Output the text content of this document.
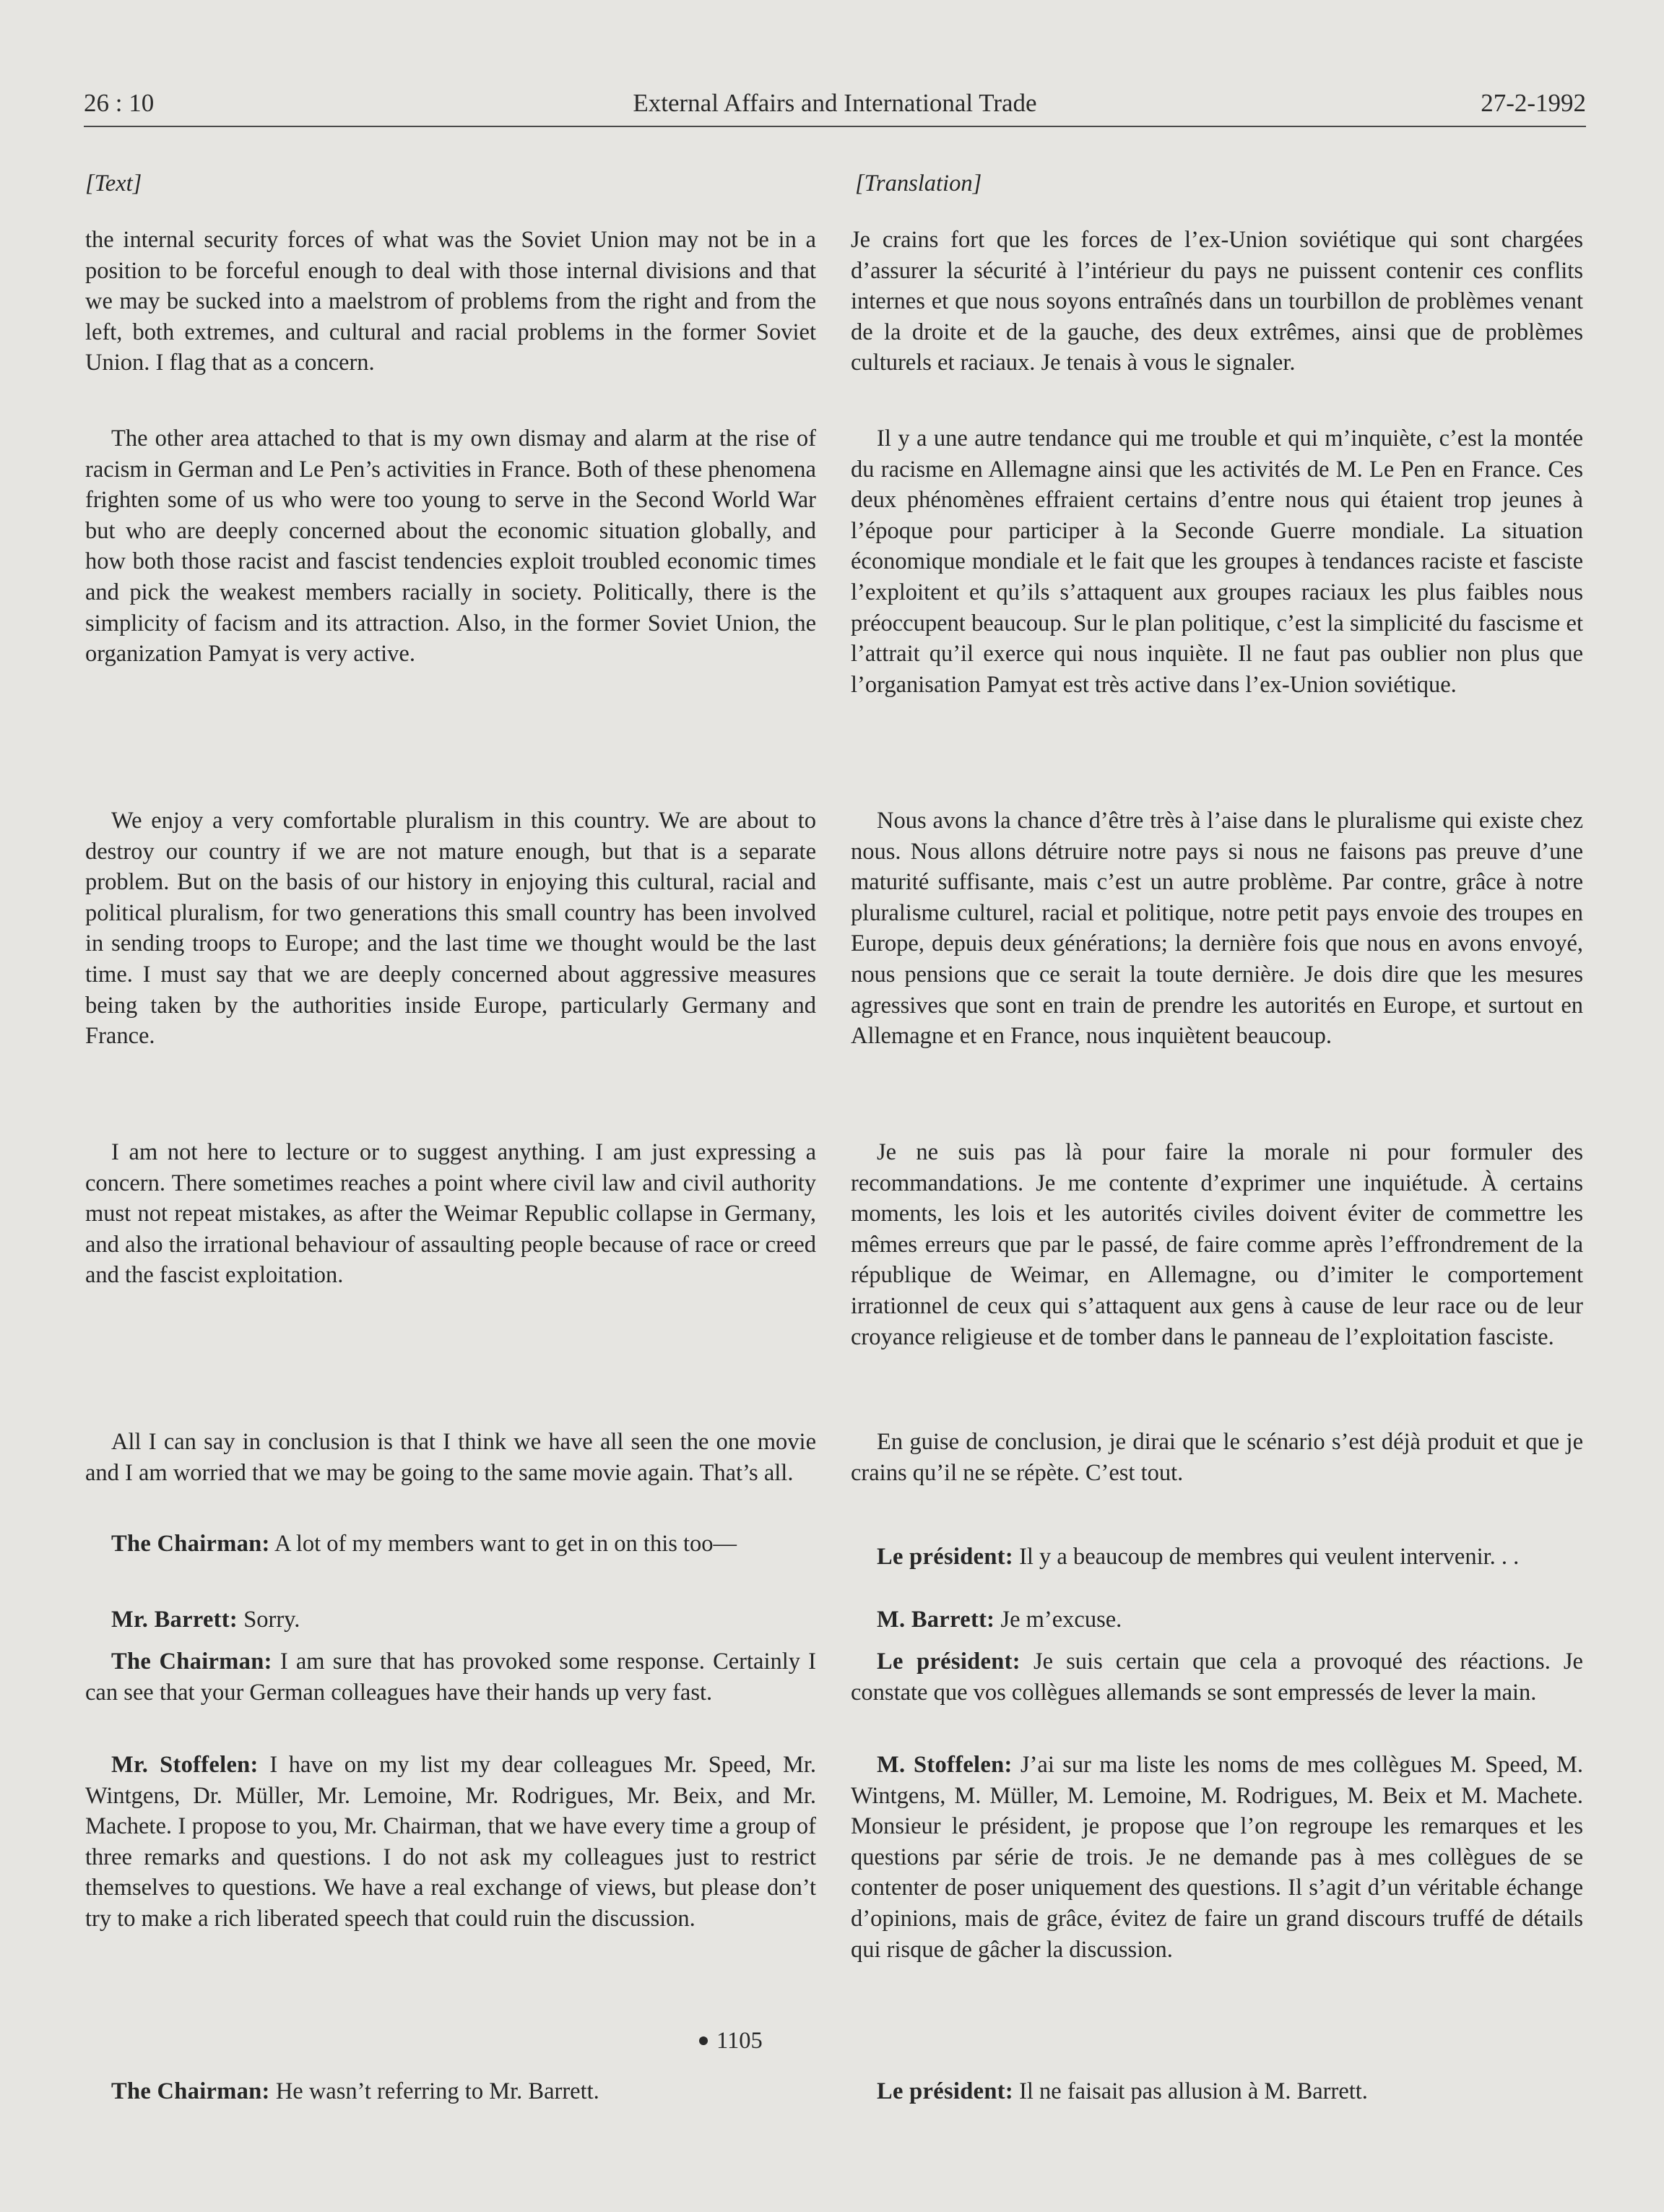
26 : 10	External Affairs and International Trade	27-2-1992
[Text]

the internal security forces of what was the Soviet Union may not be in a position to be forceful enough to deal with those internal divisions and that we may be sucked into a maelstrom of problems from the right and from the left, both extremes, and cultural and racial problems in the former Soviet Union. I flag that as a concern.

The other area attached to that is my own dismay and alarm at the rise of racism in German and Le Pen’s activities in France. Both of these phenomena frighten some of us who were too young to serve in the Second World War but who are deeply concerned about the economic situation globally, and how both those racist and fascist tendencies exploit troubled economic times and pick the weakest members racially in society. Politically, there is the simplicity of facism and its attraction. Also, in the former Soviet Union, the organization Pamyat is very active.

We enjoy a very comfortable pluralism in this country. We are about to destroy our country if we are not mature enough, but that is a separate problem. But on the basis of our history in enjoying this cultural, racial and political pluralism, for two generations this small country has been involved in sending troops to Europe; and the last time we thought would be the last time. I must say that we are deeply concerned about aggressive measures being taken by the authorities inside Europe, particularly Germany and France.

I am not here to lecture or to suggest anything. I am just expressing a concern. There sometimes reaches a point where civil law and civil authority must not repeat mistakes, as after the Weimar Republic collapse in Germany, and also the irrational behaviour of assaulting people because of race or creed and the fascist exploitation.

All I can say in conclusion is that I think we have all seen the one movie and I am worried that we may be going to the same movie again. That’s all.

The Chairman: A lot of my members want to get in on this too—

Mr. Barrett: Sorry.

The Chairman: I am sure that has provoked some response. Certainly I can see that your German colleagues have their hands up very fast.

Mr. Stoffelen: I have on my list my dear colleagues Mr. Speed, Mr. Wintgens, Dr. Müller, Mr. Lemoine, Mr. Rodrigues, Mr. Beix, and Mr. Machete. I propose to you, Mr. Chairman, that we have every time a group of three remarks and questions. I do not ask my colleagues just to restrict themselves to questions. We have a real exchange of views, but please don’t try to make a rich liberated speech that could ruin the discussion.

The Chairman: He wasn’t referring to Mr. Barrett.

1105
[Translation]

Je crains fort que les forces de l’ex-Union soviétique qui sont chargées d’assurer la sécurité à l’intérieur du pays ne puissent contenir ces conflits internes et que nous soyons entraînés dans un tourbillon de problèmes venant de la droite et de la gauche, des deux extrêmes, ainsi que de problèmes culturels et raciaux. Je tenais à vous le signaler.

Il y a une autre tendance qui me trouble et qui m’inquiète, c’est la montée du racisme en Allemagne ainsi que les activités de M. Le Pen en France. Ces deux phénomènes effraient certains d’entre nous qui étaient trop jeunes à l’époque pour participer à la Seconde Guerre mondiale. La situation économique mondiale et le fait que les groupes à tendances raciste et fasciste l’exploitent et qu’ils s’attaquent aux groupes raciaux les plus faibles nous préoccupent beaucoup. Sur le plan politique, c’est la simplicité du fascisme et l’attrait qu’il exerce qui nous inquiète. Il ne faut pas oublier non plus que l’organisation Pamyat est très active dans l’ex-Union soviétique.

Nous avons la chance d’être très à l’aise dans le pluralisme qui existe chez nous. Nous allons détruire notre pays si nous ne faisons pas preuve d’une maturité suffisante, mais c’est un autre problème. Par contre, grâce à notre pluralisme culturel, racial et politique, notre petit pays envoie des troupes en Europe, depuis deux générations; la dernière fois que nous en avons envoyé, nous pensions que ce serait la toute dernière. Je dois dire que les mesures agressives que sont en train de prendre les autorités en Europe, et surtout en Allemagne et en France, nous inquiètent beaucoup.

Je ne suis pas là pour faire la morale ni pour formuler des recommandations. Je me contente d’exprimer une inquiétude. À certains moments, les lois et les autorités civiles doivent éviter de commettre les mêmes erreurs que par le passé, de faire comme après l’effrondrement de la république de Weimar, en Allemagne, ou d’imiter le comportement irrationnel de ceux qui s’attaquent aux gens à cause de leur race ou de leur croyance religieuse et de tomber dans le panneau de l’exploitation fasciste.

En guise de conclusion, je dirai que le scénario s’est déjà produit et que je crains qu’il ne se répète. C’est tout.

Le président: Il y a beaucoup de membres qui veulent intervenir. . .

M. Barrett: Je m’excuse.

Le président: Je suis certain que cela a provoqué des réactions. Je constate que vos collègues allemands se sont empressés de lever la main.

M. Stoffelen: J’ai sur ma liste les noms de mes collègues M. Speed, M. Wintgens, M. Müller, M. Lemoine, M. Rodrigues, M. Beix et M. Machete. Monsieur le président, je propose que l’on regroupe les remarques et les questions par série de trois. Je ne demande pas à mes collègues de se contenter de poser uniquement des questions. Il s’agit d’un véritable échange d’opinions, mais de grâce, évitez de faire un grand discours truffé de détails qui risque de gâcher la discussion.

Le président: Il ne faisait pas allusion à M. Barrett.
